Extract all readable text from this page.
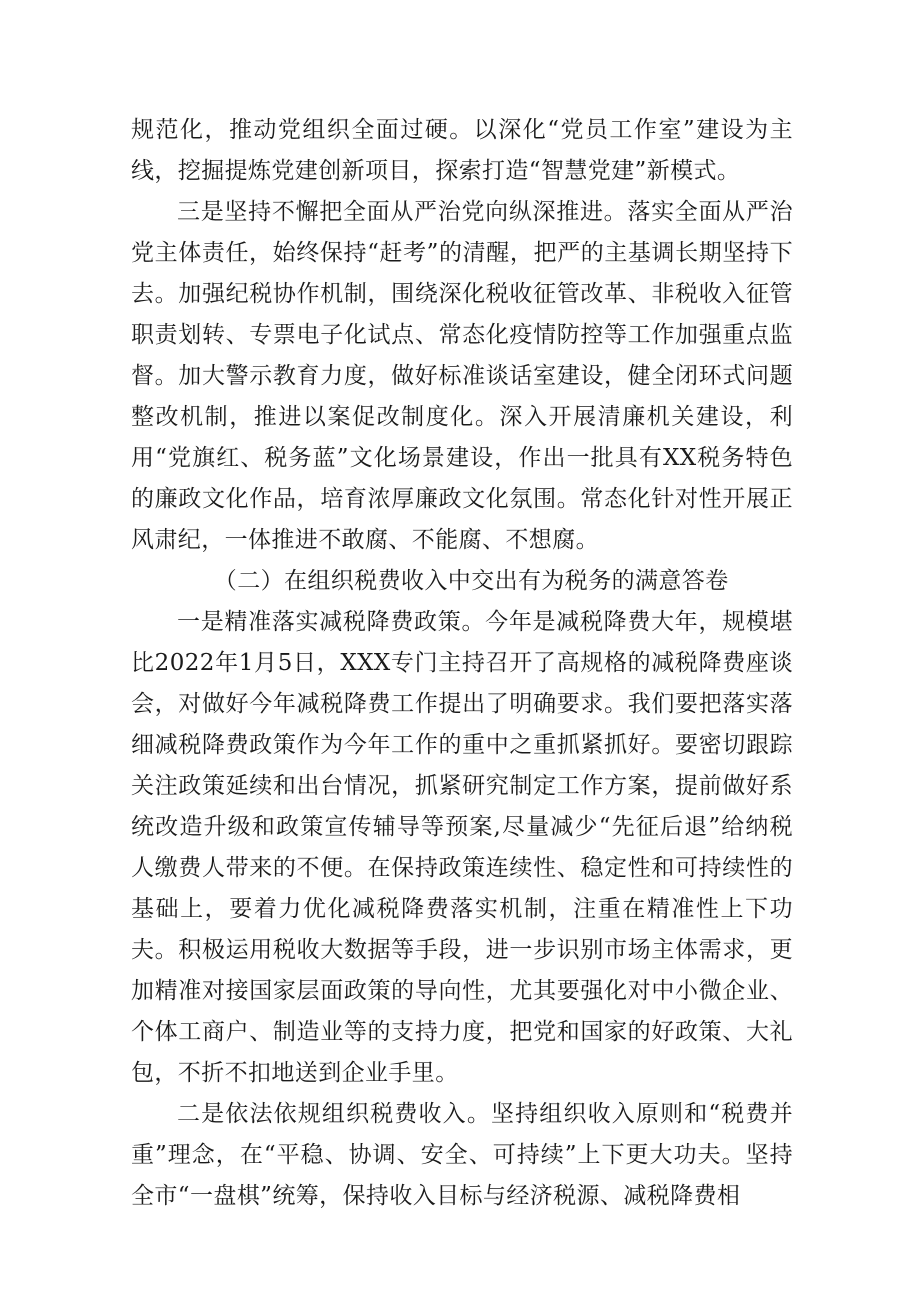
规范化，推动党组织全面过硬。以深化“党员工作室”建设为主线，挖掘提炼党建创新项目，探索打造“智慧党建”新模式。

三是坚持不懈把全面从严治党向纵深推进。落实全面从严治党主体责任，始终保持“赶考”的清醒，把严的主基调长期坚持下去。加强纪税协作机制，围绕深化税收征管改革、非税收入征管职责划转、专票电子化试点、常态化疫情防控等工作加强重点监督。加大警示教育力度，做好标准谈话室建设，健全闭环式问题整改机制，推进以案促改制度化。深入开展清廉机关建设，利用“党旗红、税务蓝”文化场景建设，作出一批具有XX税务特色的廉政文化作品，培育浓厚廉政文化氛围。常态化针对性开展正风肃纪，一体推进不敢腐、不能腐、不想腐。

（二）在组织税费收入中交出有为税务的满意答卷

一是精准落实减税降费政策。今年是减税降费大年，规模堪比2022年1月5日，XXX专门主持召开了高规格的减税降费座谈会，对做好今年减税降费工作提出了明确要求。我们要把落实落细减税降费政策作为今年工作的重中之重抓紧抓好。要密切跟踪关注政策延续和出台情况，抓紧研究制定工作方案，提前做好系统改造升级和政策宣传辅导等预案,尽量减少“先征后退”给纳税人缴费人带来的不便。在保持政策连续性、稳定性和可持续性的基础上，要着力优化减税降费落实机制，注重在精准性上下功夫。积极运用税收大数据等手段，进一步识别市场主体需求，更加精准对接国家层面政策的导向性，尤其要强化对中小微企业、个体工商户、制造业等的支持力度，把党和国家的好政策、大礼包，不折不扣地送到企业手里。

二是依法依规组织税费收入。坚持组织收入原则和“税费并重”理念，在“平稳、协调、安全、可持续”上下更大功夫。坚持全市“一盘棋”统筹，保持收入目标与经济税源、减税降费相
